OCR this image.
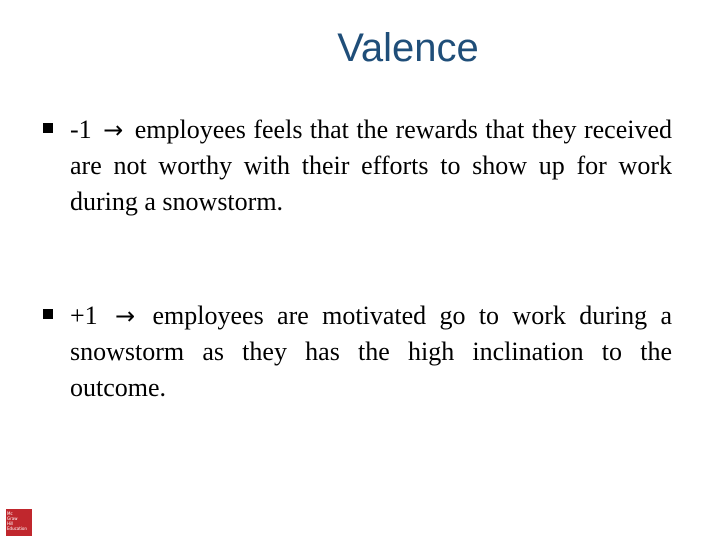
Valence
-1 → employees feels that the rewards that they received are not worthy with their efforts to show up for work during a snowstorm.
+1 → employees are motivated go to work during a snowstorm as they has the high inclination to the outcome.
Mc
Graw
Hill
Education
